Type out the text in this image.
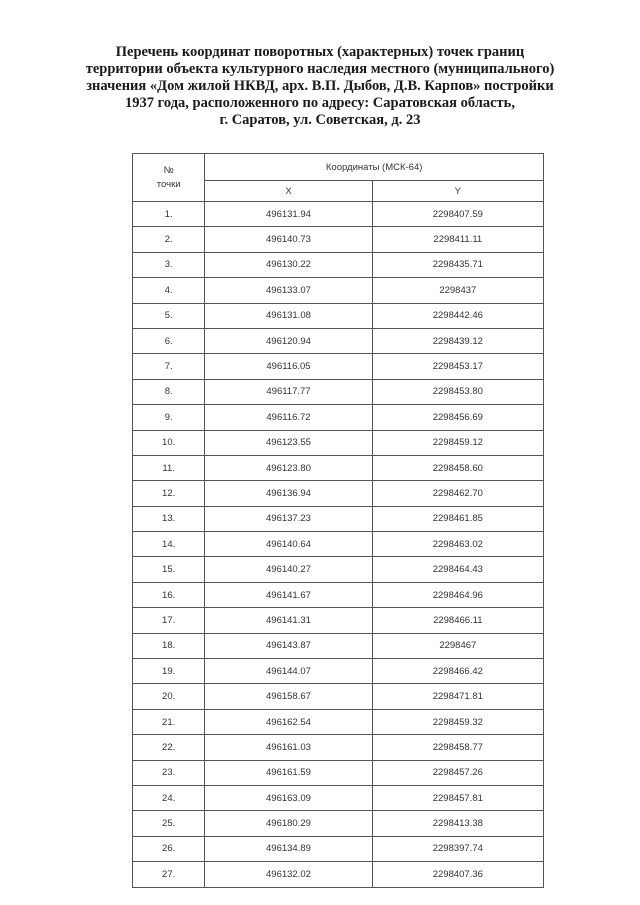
Перечень координат поворотных (характерных) точек границ
территории объекта культурного наследия местного (муниципального)
значения «Дом жилой НКВД, арх. В.П. Дыбов, Д.В. Карпов» постройки
1937 года, расположенного по адресу: Саратовская область,
г. Саратов, ул. Советская, д. 23
№
точки	Координаты (МСК-64)	
	X	Y
1.	496131.94	2298407.59
2.	496140.73	2298411.11
3.	496130.22	2298435.71
4.	496133.07	2298437
5.	496131.08	2298442.46
6.	496120.94	2298439.12
7.	496116.05	2298453.17
8.	496117.77	2298453.80
9.	496116.72	2298456.69
10.	496123.55	2298459.12
11.	496123.80	2298458.60
12.	496136.94	2298462.70
13.	496137.23	2298461.85
14.	496140.64	2298463.02
15.	496140.27	2298464.43
16.	496141.67	2298464.96
17.	496141.31	2298466.11
18.	496143.87	2298467
19.	496144.07	2298466.42
20.	496158.67	2298471.81
21.	496162.54	2298459.32
22.	496161.03	2298458.77
23.	496161.59	2298457.26
24.	496163.09	2298457.81
25.	496180.29	2298413.38
26.	496134.89	2298397.74
27.	496132.02	2298407.36
